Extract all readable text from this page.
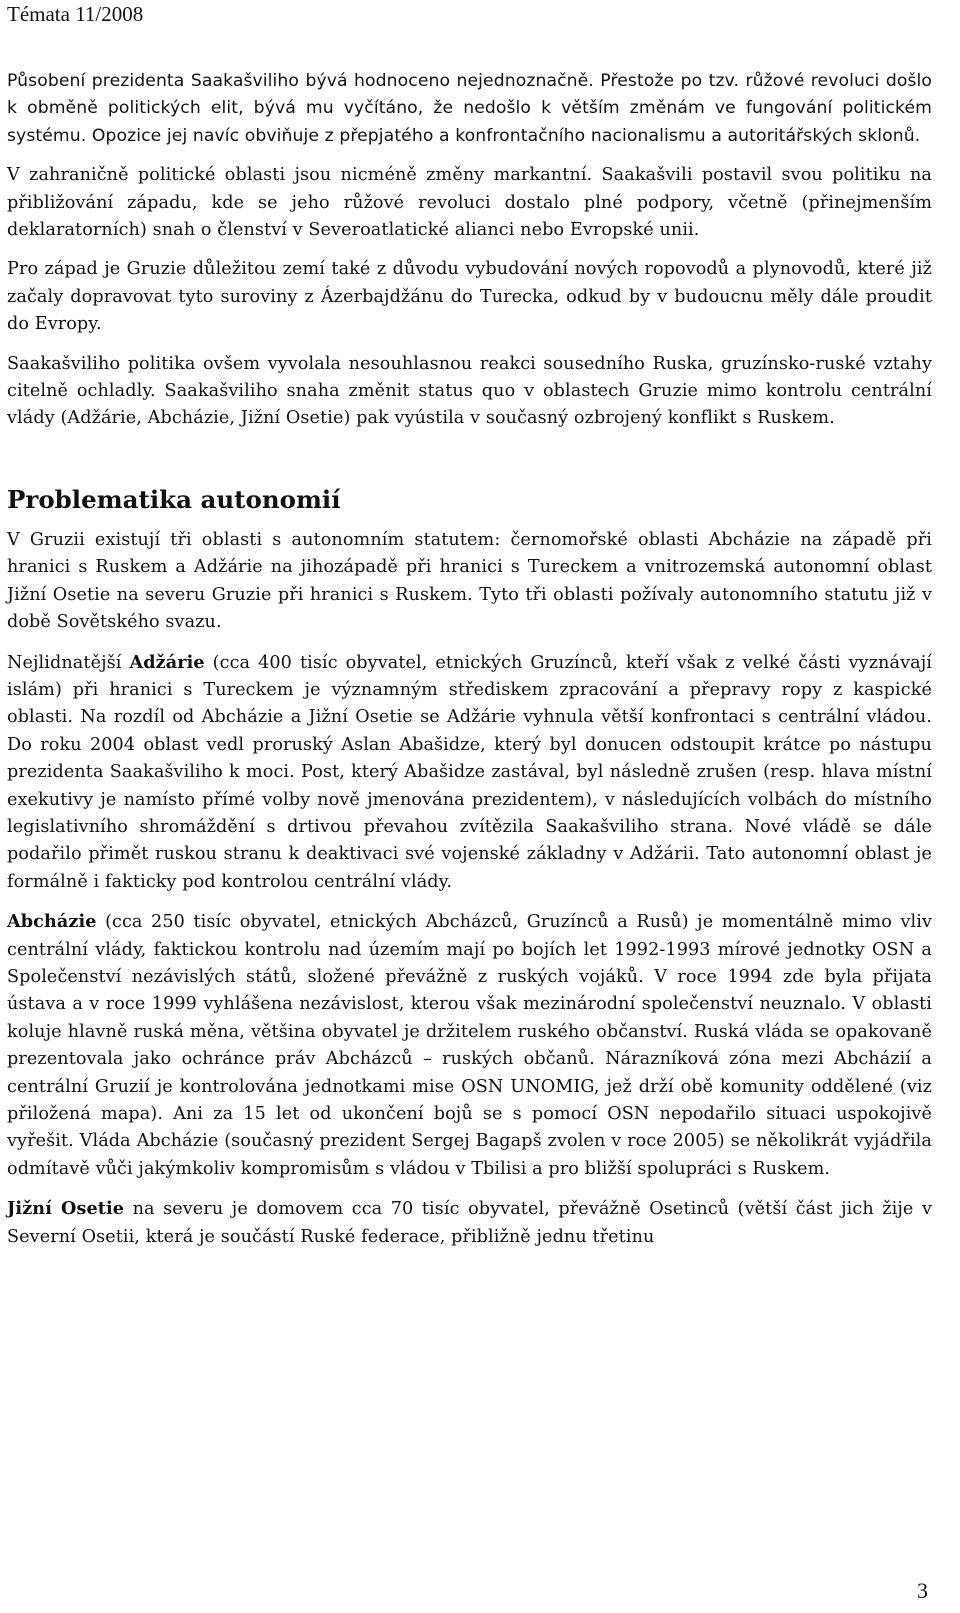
Témata 11/2008

Působení prezidenta Saakašviliho bývá hodnoceno nejednoznačně. Přestože po tzv. růžové revoluci došlo k obměně politických elit, bývá mu vyčítáno, že nedošlo k větším změnám ve fungování politickém systému. Opozice jej navíc obviňuje z přepjatého a konfrontačního nacionalismu a autoritářských sklonů.

V zahraničně politické oblasti jsou nicméně změny markantní. Saakašvili postavil svou politiku na přibližování západu, kde se jeho růžové revoluci dostalo plné podpory, včetně (přinejmenším deklaratorních) snah o členství v Severoatlatické alianci nebo Evropské unii.

Pro západ je Gruzie důležitou zemí také z důvodu vybudování nových ropovodů a plynovodů, které již začaly dopravovat tyto suroviny z Ázerbajdžánu do Turecka, odkud by v budoucnu měly dále proudit do Evropy.

Saakašviliho politika ovšem vyvolala nesouhlasnou reakci sousedního Ruska, gruzínsko-ruské vztahy citelně ochladly. Saakašviliho snaha změnit status quo v oblastech Gruzie mimo kontrolu centrální vlády (Adžárie, Abcházie, Jižní Osetie) pak vyústila v současný ozbrojený konflikt s Ruskem.

Problematika autonomií

V Gruzii existují tři oblasti s autonomním statutem: černomořské oblasti Abcházie na západě při hranici s Ruskem a Adžárie na jihozápadě při hranici s Tureckem a vnitrozemská autonomní oblast Jižní Osetie na severu Gruzie při hranici s Ruskem. Tyto tři oblasti požívaly autonomního statutu již v době Sovětského svazu.

Nejlidnatější Adžárie (cca 400 tisíc obyvatel, etnických Gruzínců, kteří však z velké části vyznávají islám) při hranici s Tureckem je významným střediskem zpracování a přepravy ropy z kaspické oblasti. Na rozdíl od Abcházie a Jižní Osetie se Adžárie vyhnula větší konfrontaci s centrální vládou. Do roku 2004 oblast vedl proruský Aslan Abašidze, který byl donucen odstoupit krátce po nástupu prezidenta Saakašviliho k moci. Post, který Abašidze zastával, byl následně zrušen (resp. hlava místní exekutivy je namísto přímé volby nově jmenována prezidentem), v následujících volbách do místního legislativního shromáždění s drtivou převahou zvítězila Saakašviliho strana. Nové vládě se dále podařilo přimět ruskou stranu k deaktivaci své vojenské základny v Adžárii. Tato autonomní oblast je formálně i fakticky pod kontrolou centrální vlády.

Abcházie (cca 250 tisíc obyvatel, etnických Abcházců, Gruzínců a Rusů) je momentálně mimo vliv centrální vlády, faktickou kontrolu nad územím mají po bojích let 1992-1993 mírové jednotky OSN a Společenství nezávislých států, složené převážně z ruských vojáků. V roce 1994 zde byla přijata ústava a v roce 1999 vyhlášena nezávislost, kterou však mezinárodní společenství neuznalo. V oblasti koluje hlavně ruská měna, většina obyvatel je držitelem ruského občanství. Ruská vláda se opakovaně prezentovala jako ochránce práv Abcházců – ruských občanů. Nárazníková zóna mezi Abcházií a centrální Gruzií je kontrolována jednotkami mise OSN UNOMIG, jež drží obě komunity oddělené (viz přiložená mapa). Ani za 15 let od ukončení bojů se s pomocí OSN nepodařilo situaci uspokojivě vyřešit. Vláda Abcházie (současný prezident Sergej Bagapš zvolen v roce 2005) se několikrát vyjádřila odmítavě vůči jakýmkoliv kompromisům s vládou v Tbilisi a pro bližší spolupráci s Ruskem.

Jižní Osetie na severu je domovem cca 70 tisíc obyvatel, převážně Osetinců (větší část jich žije v Severní Osetii, která je součástí Ruské federace, přibližně jednu třetinu

3
